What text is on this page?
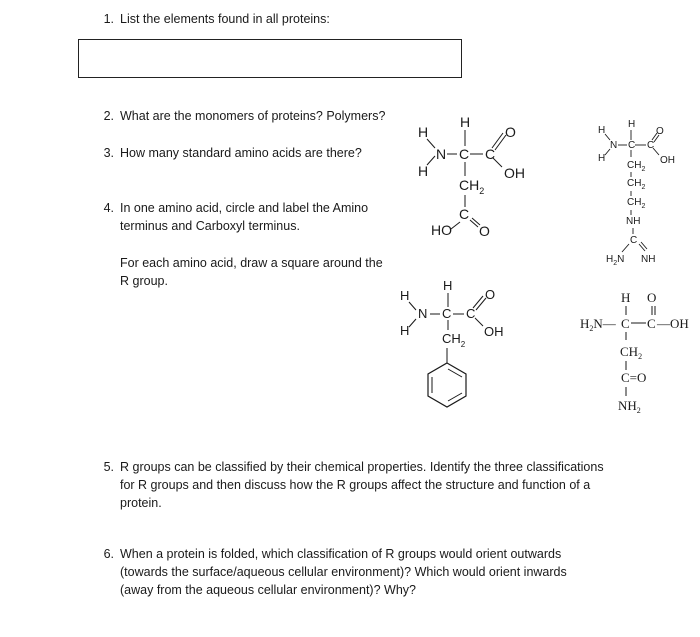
1. List the elements found in all proteins:
2. What are the monomers of proteins? Polymers?
3. How many standard amino acids are there?
4. In one amino acid, circle and label the Amino
terminus and Carboxyl terminus.
For each amino acid, draw a square around the
R group.
5. R groups can be classified by their chemical properties. Identify the three classifications
for R groups and then discuss how the R groups affect the structure and function of a
protein.
6. When a protein is folded, which classification of R groups would orient outwards
(towards the surface/aqueous cellular environment)? Which would orient inwards
(away from the aqueous cellular environment)? Why?
H
H
H
N C C
O
OH
$CH_2$
C
HO O
H
H
H
N C C
O
OH
$CH_2$
$CH_2$
$CH_2$
NH
C
$H_2N$ NH
H
H
H
N C C
O
OH
$CH_2$
H O
$H_2N—$ C C —OH
$CH_2$
C=O
$NH_2$
